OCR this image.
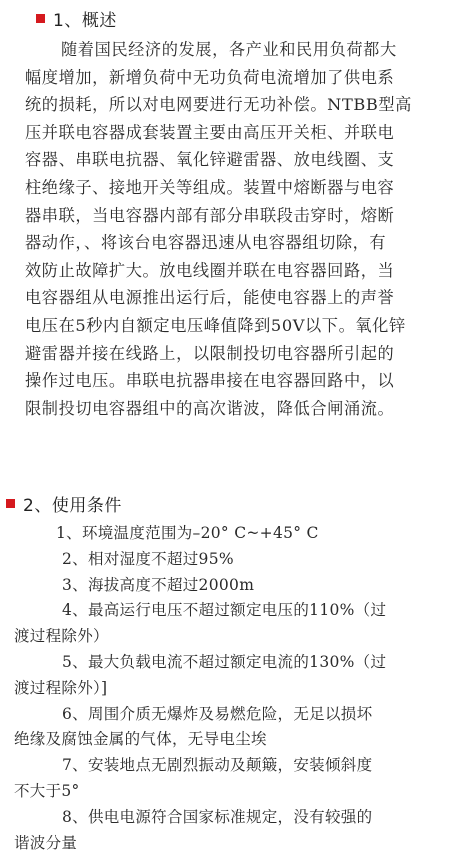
1、概述
随着国民经济的发展，各产业和民用负荷都大
幅度增加，新增负荷中无功负荷电流增加了供电系
统的损耗，所以对电网要进行无功补偿。NTBB型高
压并联电容器成套装置主要由高压开关柜、并联电
容器、串联电抗器、氧化锌避雷器、放电线圈、支
柱绝缘子、接地开关等组成。装置中熔断器与电容
器串联，当电容器内部有部分串联段击穿时，熔断
器动作，、将该台电容器迅速从电容器组切除，有
效防止故障扩大。放电线圈并联在电容器回路，当
电容器组从电源推出运行后，能使电容器上的声誉
电压在5秒内自额定电压峰值降到50V以下。氧化锌
避雷器并接在线路上，以限制投切电容器所引起的
操作过电压。串联电抗器串接在电容器回路中，以
限制投切电容器组中的高次谐波，降低合闸涌流。
2、使用条件
1、环境温度范围为–20° C~+45° C
2、相对湿度不超过95%
3、海拔高度不超过2000m
4、最高运行电压不超过额定电压的110%（过
渡过程除外）
5、最大负载电流不超过额定电流的130%（过
渡过程除外）]
6、周围介质无爆炸及易燃危险，无足以损坏
绝缘及腐蚀金属的气体，无导电尘埃
7、安装地点无剧烈振动及颠簸，安装倾斜度
不大于5°
8、供电电源符合国家标准规定，没有较强的
谐波分量
